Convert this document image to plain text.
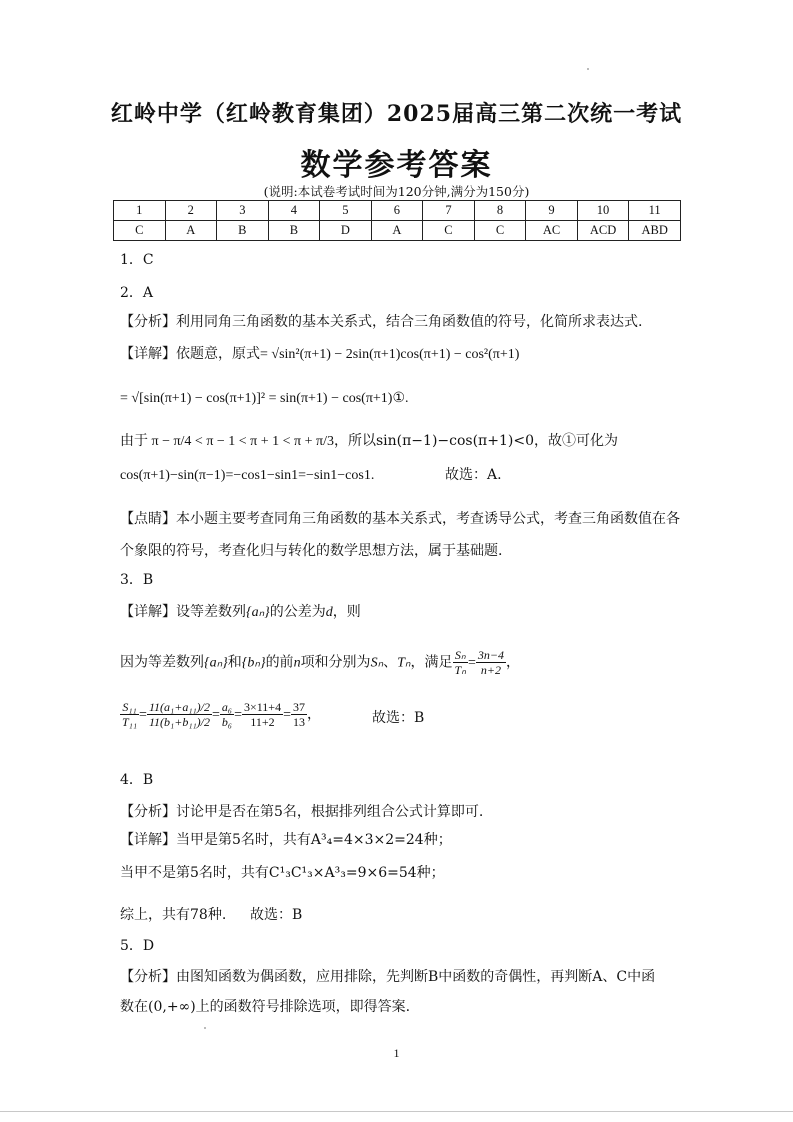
红岭中学（红岭教育集团）2025届高三第二次统一考试
数学参考答案
(说明:本试卷考试时间为120分钟,满分为150分)
1	2	3	4	5	6	7	8	9	10	11
C	A	B	B	D	A	C	C	AC	ACD	ABD
1．C
2．A
【分析】利用同角三角函数的基本关系式，结合三角函数值的符号，化简所求表达式.
【详解】依题意，原式= √sin²(π+1) − 2sin(π+1)cos(π+1) − cos²(π+1)
= √[sin(π+1) − cos(π+1)]² = sin(π+1) − cos(π+1)①.
由于 π − π/4 < π − 1 < π + 1 < π + π/3，所以sin(π−1)−cos(π+1)<0，故①可化为
cos(π+1)−sin(π−1)=−cos1−sin1=−sin1−cos1.	故选：A.
【点睛】本小题主要考查同角三角函数的基本关系式，考查诱导公式，考查三角函数值在各
个象限的符号，考查化归与转化的数学思想方法，属于基础题.
3．B
【详解】设等差数列{aₙ}的公差为d，则
因为等差数列{aₙ}和{bₙ}的前n项和分别为Sₙ、Tₙ，满足 $\frac{\text{Sₙ}}{\text{Tₙ}} = \frac{3n-4}{n+2}$ ，
$\frac{\text{S₁₁}}{\text{T₁₁}} = \frac{\text{11(a₁+a₁₁)/2}}{\text{11(b₁+b₁₁)/2}} = \frac{\text{a₆}}{\text{b₆}} = \frac{3\times 11+4}{11+2} = \frac{37}{13}$ ，	故选：B
4．B
【分析】讨论甲是否在第5名，根据排列组合公式计算即可.
【详解】当甲是第5名时，共有A³₄=4×3×2=24种；
当甲不是第5名时，共有C¹₃C¹₃×A³₃=9×6=54种；
综上，共有78种. 故选：B
5．D
【分析】由图知函数为偶函数，应用排除，先判断B中函数的奇偶性，再判断A、C中函
数在(0,+∞)上的函数符号排除选项，即得答案.
1
